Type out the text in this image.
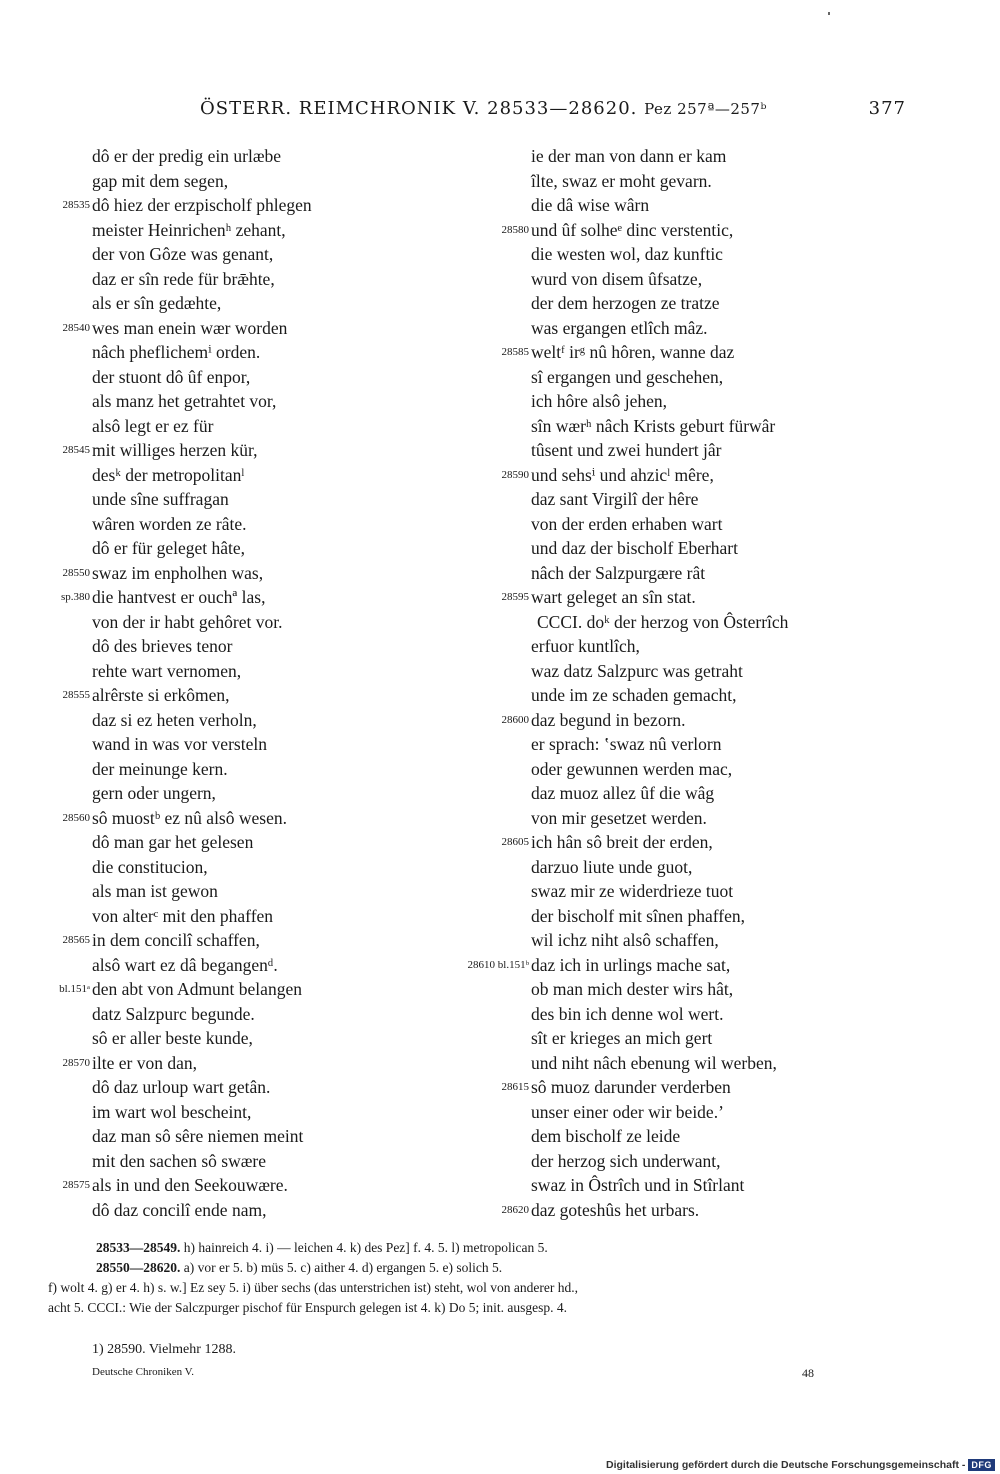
ÖSTERR. REIMCHRONIK V. 28533—28620. Pez 257ª—257ᵇ	377
dô er der predig ein urlæbe
gap mit dem segen,
28535 dô hiez der erzpischolf phlegen
meister Heinrichenʰ zehant,
der von Gôze was genant,
daz er sîn rede für brǣhte,
als er sîn gedæhte,
28540 wes man enein wær worden
nâch pheflichemⁱ orden.
der stuont dô ûf enpor,
als manz het getrahtet vor,
alsô legt er ez für
28545 mit williges herzen kür,
desᵏ der metropolitanˡ
unde sîne suffragan
wâren worden ze râte.
dô er für geleget hâte,
28550 swaz im enpholhen was,
sp.380 die hantvest er ouchª las,
von der ir habt gehôret vor.
dô des brieves tenor
rehte wart vernomen,
28555 alrêrste si erkômen,
daz si ez heten verholn,
wand in was vor versteln
der meinunge kern.
gern oder ungern,
28560 sô muostᵇ ez nû alsô wesen.
dô man gar het gelesen
die constitucion,
als man ist gewon
von alterᶜ mit den phaffen
28565 in dem concilî schaffen,
alsô wart ez dâ begangenᵈ.
bl.151ᵃ den abt von Admunt belangen
datz Salzpurc begunde.
sô er aller beste kunde,
28570 ilte er von dan,
dô daz urloup wart getân.
im wart wol bescheint,
daz man sô sêre niemen meint
mit den sachen sô swære
28575 als in und den Seekouwære.
dô daz concilî ende nam,
ie der man von dann er kam
îlte, swaz er moht gevarn.
die dâ wise wârn
28580 und ûf solheᵉ dinc verstentic,
die westen wol, daz kunftic
wurd von disem ûfsatze,
der dem herzogen ze tratze
was ergangen etlîch mâz.
28585 weltᶠ irᵍ nû hôren, wanne daz
sî ergangen und geschehen,
ich hôre alsô jehen,
sîn wærʰ nâch Krists geburt fürwâr
tûsent und zwei hundert jâr
28590 und sehsⁱ und ahzicˡ mêre,
daz sant Virgilî der hêre
von der erden erhaben wart
und daz der bischolf Eberhart
nâch der Salzpurgære rât
28595 wart geleget an sîn stat.
CCCI. doᵏ der herzog von Ôsterrîch
erfuor kuntlîch,
waz datz Salzpurc was getraht
unde im ze schaden gemacht,
28600 daz begund in bezorn.
er sprach: ʽswaz nû verlorn
oder gewunnen werden mac,
daz muoz allez ûf die wâg
von mir gesetzet werden.
28605 ich hân sô breit der erden,
darzuo liute unde guot,
swaz mir ze widerdrieze tuot
der bischolf mit sînen phaffen,
wil ichz niht alsô schaffen,
28610 bl.151ᵇ daz ich in urlings mache sat,
ob man mich dester wirs hât,
des bin ich denne wol wert.
sît er krieges an mich gert
und niht nâch ebenung wil werben,
28615 sô muoz darunder verderben
unser einer oder wir beide.ʼ
dem bischolf ze leide
der herzog sich underwant,
swaz in Ôstrîch und in Stîrlant
28620 daz goteshûs het urbars.
28533—28549. h) hainreich 4. i) — leichen 4. k) des Pez] f. 4. 5. l) metropolican 5.
28550—28620. a) vor er 5. b) müs 5. c) aither 4. d) ergangen 5. e) solich 5.
f) wolt 4. g) er 4. h) s. w.] Ez sey 5. i) über sechs (das unterstrichen ist) steht, wol von anderer hd.,
acht 5. CCCI.: Wie der Salczpurger pischof für Enspurch gelegen ist 4. k) Do 5; init. ausgesp. 4.
1) 28590. Vielmehr 1288.
Deutsche Chroniken V.	48
Digitalisierung gefördert durch die Deutsche Forschungsgemeinschaft - DFG
